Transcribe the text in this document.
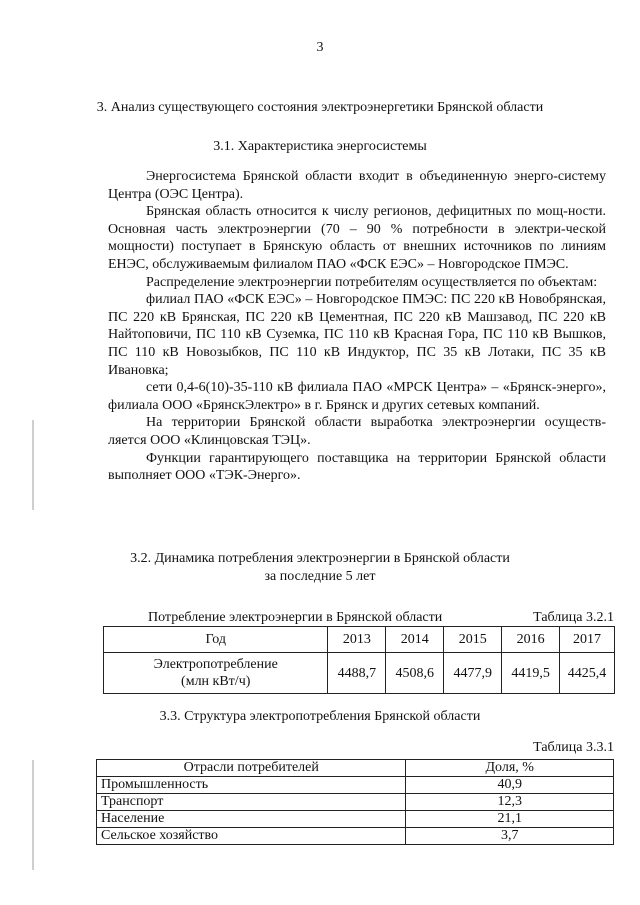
3
3. Анализ существующего состояния электроэнергетики Брянской области
3.1. Характеристика энергосистемы

Энергосистема Брянской области входит в объединенную энерго-систему Центра (ОЭС Центра).

Брянская область относится к числу регионов, дефицитных по мощ-ности. Основная часть электроэнергии (70 – 90 % потребности в электри-ческой мощности) поступает в Брянскую область от внешних источников по линиям ЕНЭС, обслуживаемым филиалом ПАО «ФСК ЕЭС» – Новгородское ПМЭС.

Распределение электроэнергии потребителям осуществляется по объектам:

филиал ПАО «ФСК ЕЭС» – Новгородское ПМЭС: ПС 220 кВ Новобрянская, ПС 220 кВ Брянская, ПС 220 кВ Цементная, ПС 220 кВ Машзавод, ПС 220 кВ Найтоповичи, ПС 110 кВ Суземка, ПС 110 кВ Красная Гора, ПС 110 кВ Вышков, ПС 110 кВ Новозыбков, ПС 110 кВ Индуктор, ПС 35 кВ Лотаки, ПС 35 кВ Ивановка;

сети 0,4-6(10)-35-110 кВ филиала ПАО «МРСК Центра» – «Брянск-энерго», филиала ООО «БрянскЭлектро» в г. Брянск и других сетевых компаний.

На территории Брянской области выработка электроэнергии осуществ-ляется ООО «Клинцовская ТЭЦ».

Функции гарантирующего поставщика на территории Брянской области выполняет ООО «ТЭК-Энерго».

3.2. Динамика потребления электроэнергии в Брянской области
за последние 5 лет
Потребление электроэнергии в Брянской области	Таблица 3.2.1
Год	2013	2014	2015	2016	2017

Электропотребление
(млн кВт/ч)	4488,7	4508,6	4477,9	4419,5	4425,4
3.3. Структура электропотребления Брянской области
Таблица 3.3.1
Отрасли потребителей	Доля, %
Промышленность	40,9
Транспорт	12,3
Население	21,1
Сельское хозяйство	3,7
